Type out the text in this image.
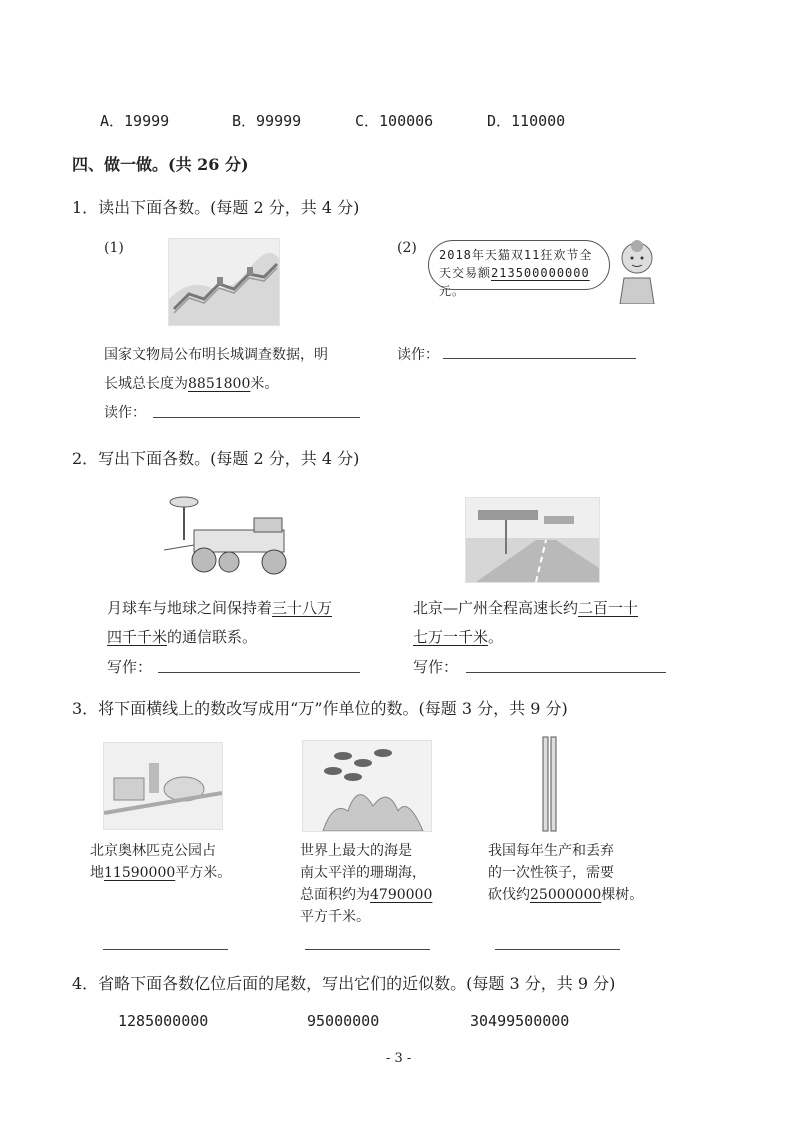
A．19999	B．99999	C．100006	D．110000
四、做一做。(共 26 分)
1．读出下面各数。(每题 2 分，共 4 分)
(1)	(2) 2018年天猫双11狂欢节全
天交易额213500000000元。
国家文物局公布明长城调查数据，明
长城总长度为8851800米。
读作：
读作：
2．写出下面各数。(每题 2 分，共 4 分)
月球车与地球之间保持着三十八万
四千千米的通信联系。
写作：
北京—广州全程高速长约二百一十
七万一千米。
写作：
3．将下面横线上的数改写成用“万”作单位的数。(每题 3 分，共 9 分)
北京奥林匹克公园占
地11590000平方米。
世界上最大的海是
南太平洋的珊瑚海，
总面积约为4790000
平方千米。
我国每年生产和丢弃
的一次性筷子，需要
砍伐约25000000棵树。
4．省略下面各数亿位后面的尾数，写出它们的近似数。(每题 3 分，共 9 分)
1285000000	95000000	30499500000
- 3 -
